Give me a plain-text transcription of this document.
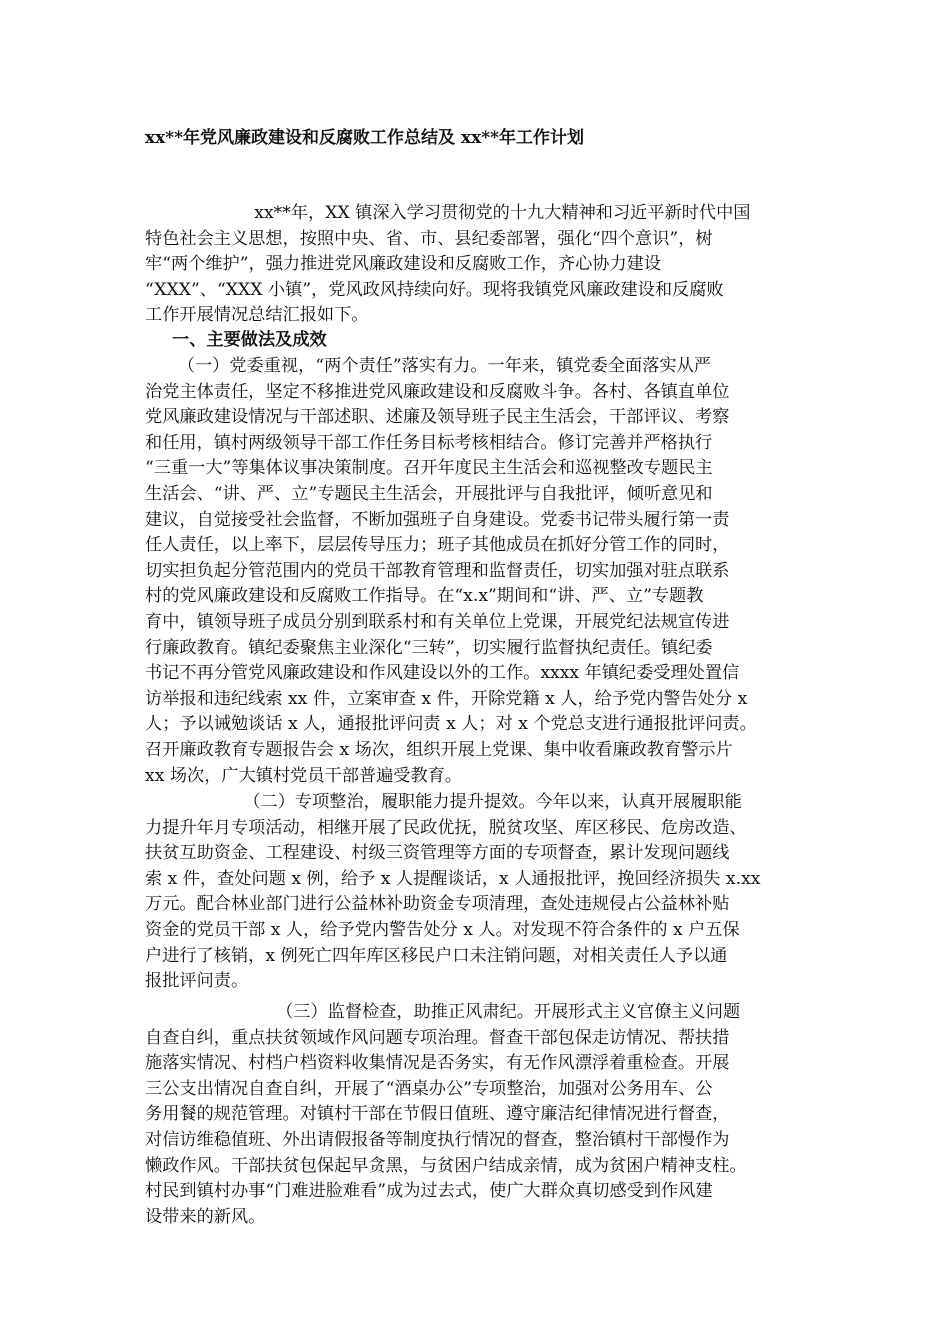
xx**年党风廉政建设和反腐败工作总结及 xx**年工作计划
xx**年，XX 镇深入学习贯彻党的十九大精神和习近平新时代中国
特色社会主义思想，按照中央、省、市、县纪委部署，强化“四个意识”，树
牢“两个维护”，强力推进党风廉政建设和反腐败工作，齐心协力建设
“XXX”、“XXX 小镇”，党风政风持续向好。现将我镇党风廉政建设和反腐败
工作开展情况总结汇报如下。
一、主要做法及成效
（一）党委重视，“两个责任”落实有力。一年来，镇党委全面落实从严
治党主体责任，坚定不移推进党风廉政建设和反腐败斗争。各村、各镇直单位
党风廉政建设情况与干部述职、述廉及领导班子民主生活会，干部评议、考察
和任用，镇村两级领导干部工作任务目标考核相结合。修订完善并严格执行
“三重一大”等集体议事决策制度。召开年度民主生活会和巡视整改专题民主
生活会、“讲、严、立”专题民主生活会，开展批评与自我批评，倾听意见和
建议，自觉接受社会监督，不断加强班子自身建设。党委书记带头履行第一责
任人责任，以上率下，层层传导压力；班子其他成员在抓好分管工作的同时，
切实担负起分管范围内的党员干部教育管理和监督责任，切实加强对驻点联系
村的党风廉政建设和反腐败工作指导。在“x.x”期间和“讲、严、立”专题教
育中，镇领导班子成员分别到联系村和有关单位上党课，开展党纪法规宣传进
行廉政教育。镇纪委聚焦主业深化“三转”，切实履行监督执纪责任。镇纪委
书记不再分管党风廉政建设和作风建设以外的工作。xxxx 年镇纪委受理处置信
访举报和违纪线索 xx 件，立案审查 x 件，开除党籍 x 人，给予党内警告处分 x
人；予以诫勉谈话 x 人，通报批评问责 x 人；对 x 个党总支进行通报批评问责。
召开廉政教育专题报告会 x 场次，组织开展上党课、集中收看廉政教育警示片
xx 场次，广大镇村党员干部普遍受教育。
（二）专项整治，履职能力提升提效。今年以来，认真开展履职能
力提升年月专项活动，相继开展了民政优抚，脱贫攻坚、库区移民、危房改造、
扶贫互助资金、工程建设、村级三资管理等方面的专项督查，累计发现问题线
索 x 件，查处问题 x 例，给予 x 人提醒谈话，x 人通报批评，挽回经济损失 x.xx
万元。配合林业部门进行公益林补助资金专项清理，查处违规侵占公益林补贴
资金的党员干部 x 人，给予党内警告处分 x 人。对发现不符合条件的 x 户五保
户进行了核销，x 例死亡四年库区移民户口未注销问题，对相关责任人予以通
报批评问责。
（三）监督检查，助推正风肃纪。开展形式主义官僚主义问题
自查自纠，重点扶贫领域作风问题专项治理。督查干部包保走访情况、帮扶措
施落实情况、村档户档资料收集情况是否务实，有无作风漂浮着重检查。开展
三公支出情况自查自纠，开展了“酒桌办公”专项整治，加强对公务用车、公
务用餐的规范管理。对镇村干部在节假日值班、遵守廉洁纪律情况进行督查，
对信访维稳值班、外出请假报备等制度执行情况的督查，整治镇村干部慢作为
懒政作风。干部扶贫包保起早贪黑，与贫困户结成亲情，成为贫困户精神支柱。
村民到镇村办事“门难进脸难看”成为过去式，使广大群众真切感受到作风建
设带来的新风。
